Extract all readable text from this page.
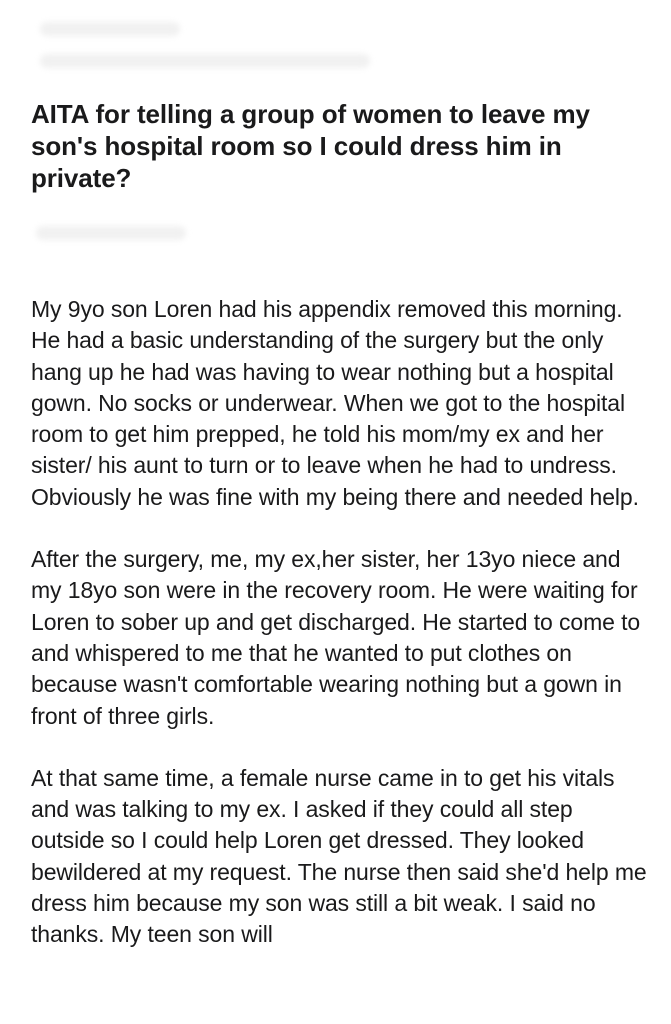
AITA for telling a group of women to leave my son's hospital room so I could dress him in private?

My 9yo son Loren had his appendix removed this morning. He had a basic understanding of the surgery but the only hang up he had was having to wear nothing but a hospital gown. No socks or underwear. When we got to the hospital room to get him prepped, he told his mom/my ex and her sister/ his aunt to turn or to leave when he had to undress. Obviously he was fine with my being there and needed help.

After the surgery, me, my ex,her sister, her 13yo niece and my 18yo son were in the recovery room. He were waiting for Loren to sober up and get discharged. He started to come to and whispered to me that he wanted to put clothes on because wasn't comfortable wearing nothing but a gown in front of three girls.

At that same time, a female nurse came in to get his vitals and was talking to my ex. I asked if they could all step outside so I could help Loren get dressed. They looked bewildered at my request. The nurse then said she'd help me dress him because my son was still a bit weak. I said no thanks. My teen son will
